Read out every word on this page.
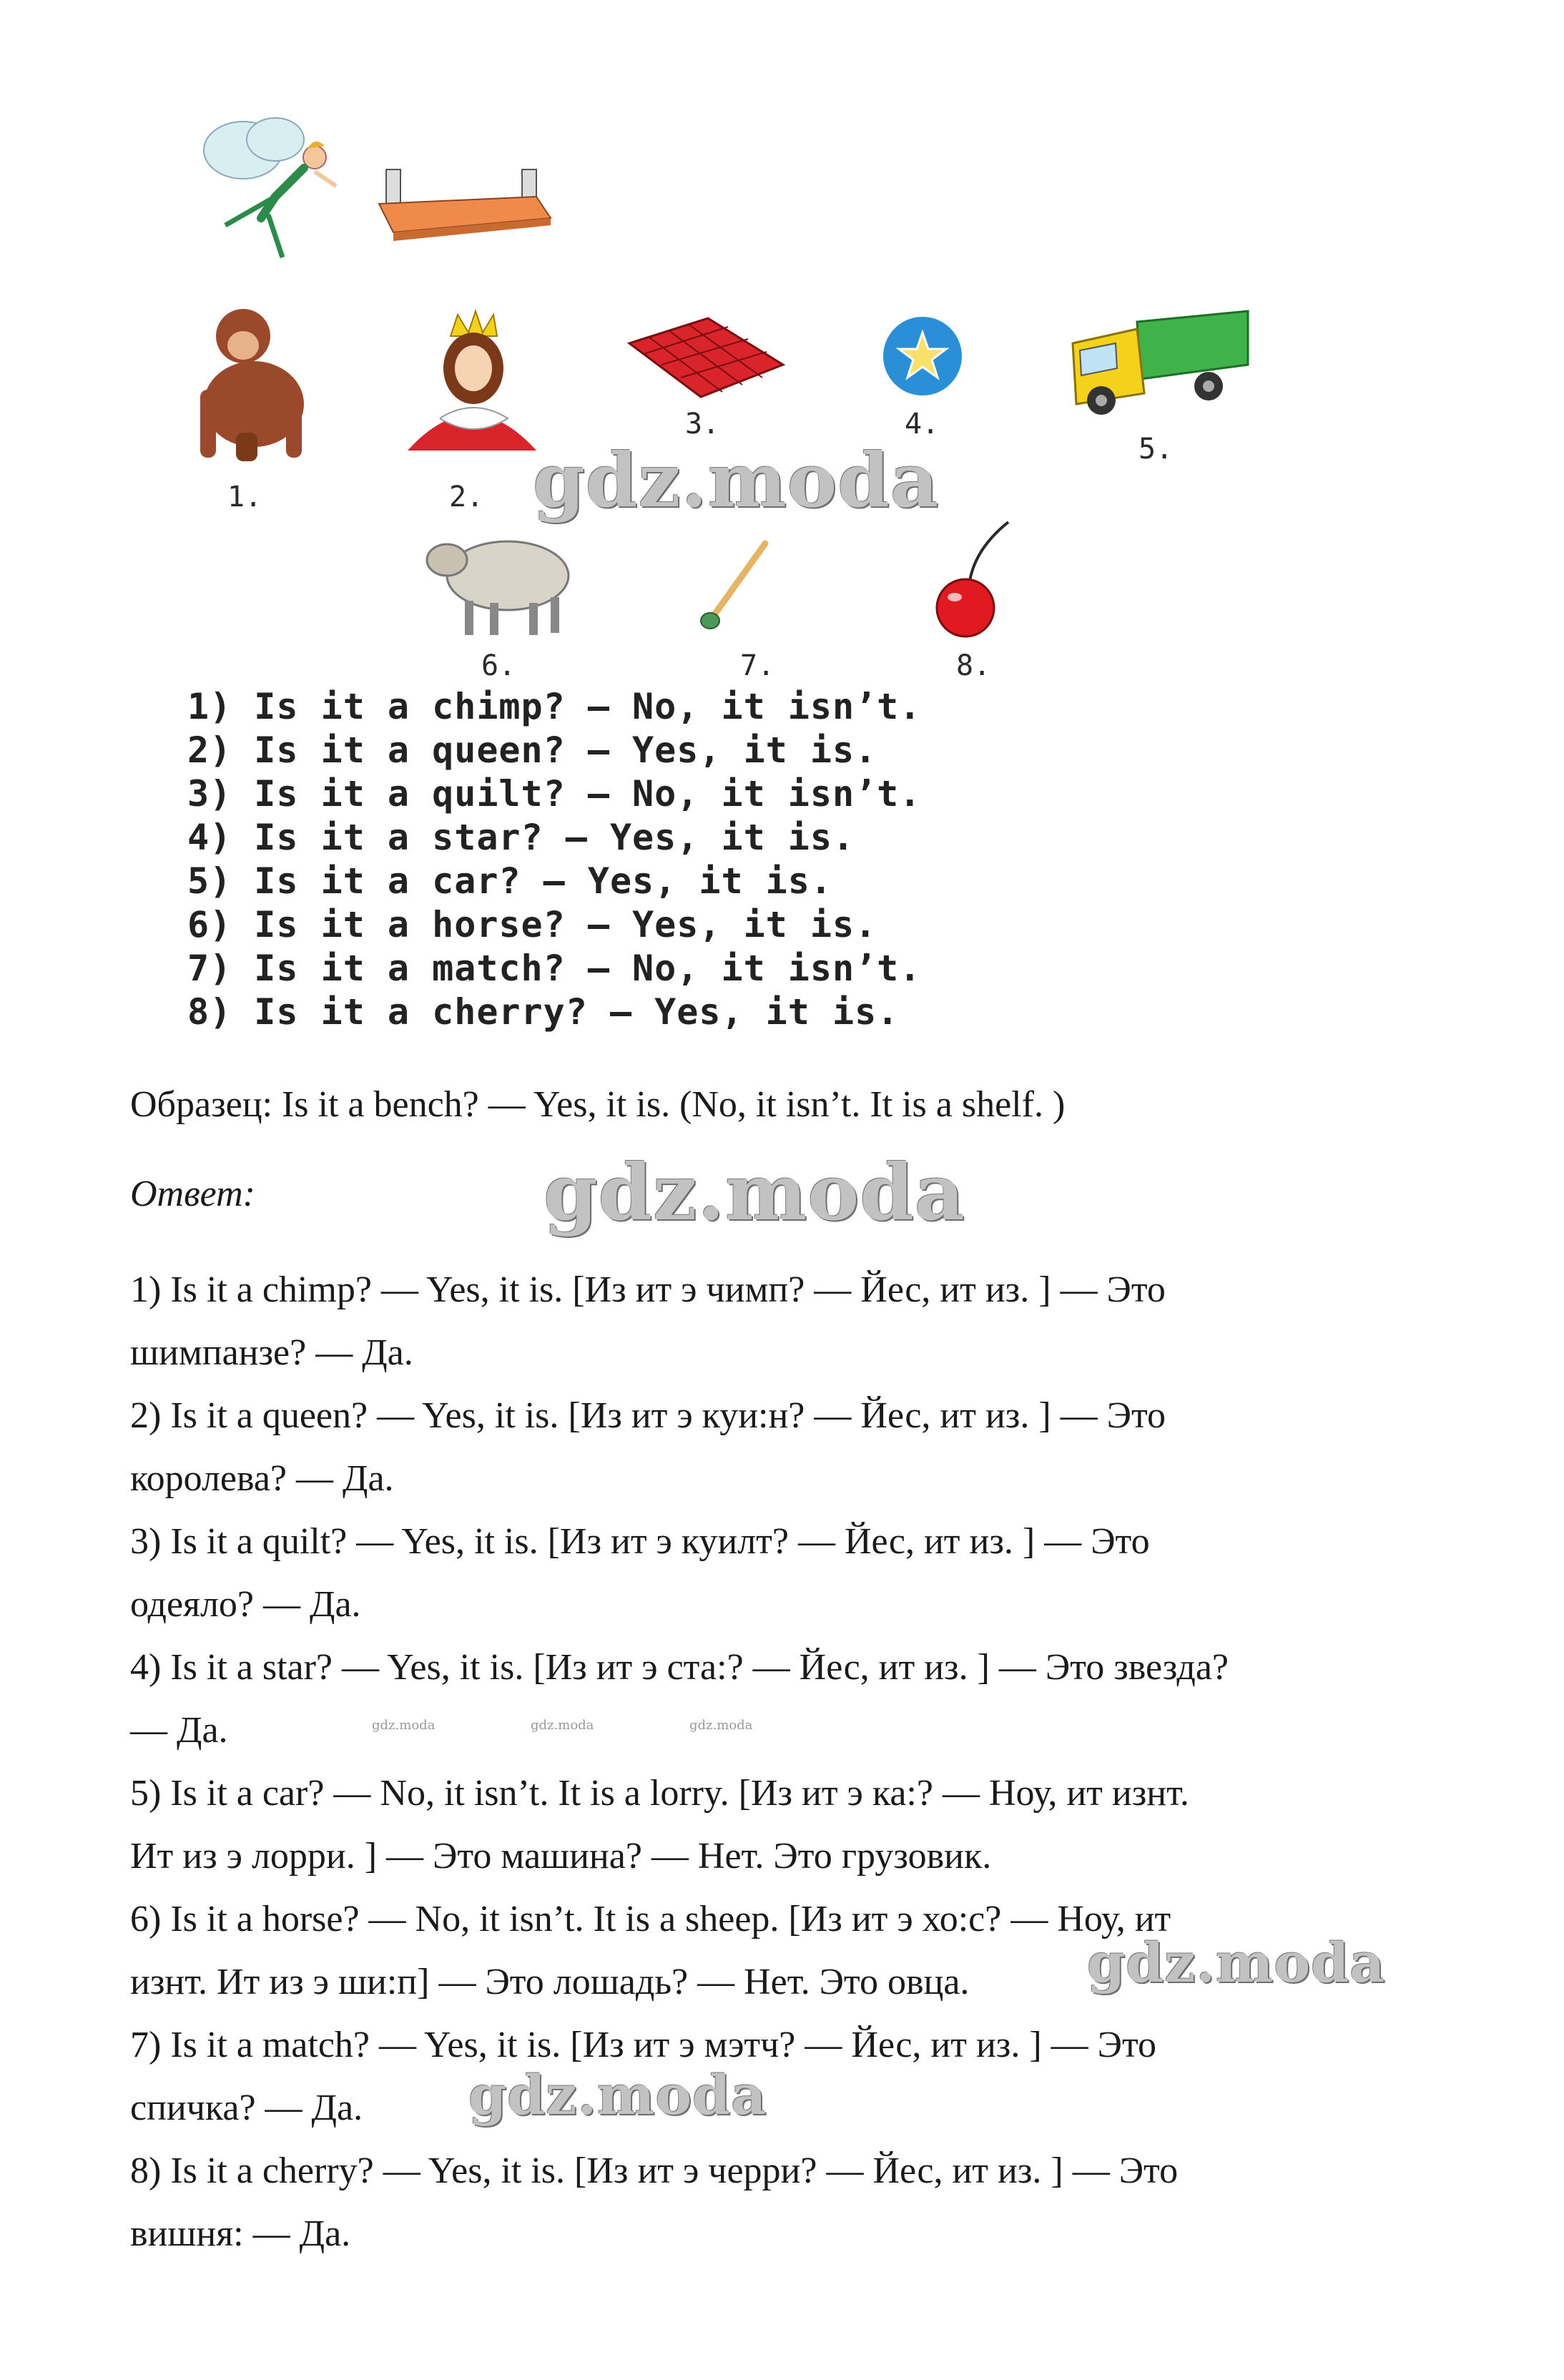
1.	2.
3.	4.
5.
6.	7.	8.
1) Is it a chimp? — No, it isn’t.
2) Is it a queen? — Yes, it is.
3) Is it a quilt? — No, it isn’t.
4) Is it a star? — Yes, it is.
5) Is it a car? — Yes, it is.
6) Is it a horse? — Yes, it is.
7) Is it a match? — No, it isn’t.
8) Is it a cherry? — Yes, it is.
Образец: Is it a bench? — Yes, it is. (No, it isn’t. It is a shelf. )
Ответ:
1) Is it a chimp? — Yes, it is. [Из ит э чимп? — Йес, ит из. ] — Это
шимпанзе? — Да.
2) Is it a queen? — Yes, it is. [Из ит э куи:н? — Йес, ит из. ] — Это
королева? — Да.
3) Is it a quilt? — Yes, it is. [Из ит э куилт? — Йес, ит из. ] — Это
одеяло? — Да.
4) Is it a star? — Yes, it is. [Из ит э ста:? — Йес, ит из. ] — Это звезда?
— Да.
5) Is it a car? — No, it isn’t. It is a lorry. [Из ит э ка:? — Ноу, ит изнт.
Ит из э лорри. ] — Это машина? — Нет. Это грузовик.
6) Is it a horse? — No, it isn’t. It is a sheep. [Из ит э хо:с? — Ноу, ит
изнт. Ит из э ши:п] — Это лошадь? — Нет. Это овца.
7) Is it a match? — Yes, it is. [Из ит э мэтч? — Йес, ит из. ] — Это
спичка? — Да.
8) Is it a cherry? — Yes, it is. [Из ит э черри? — Йес, ит из. ] — Это
вишня: — Да.
gdz.moda
gdz.moda
gdz.moda
gdz.moda
gdz.moda	gdz.moda	gdz.moda
